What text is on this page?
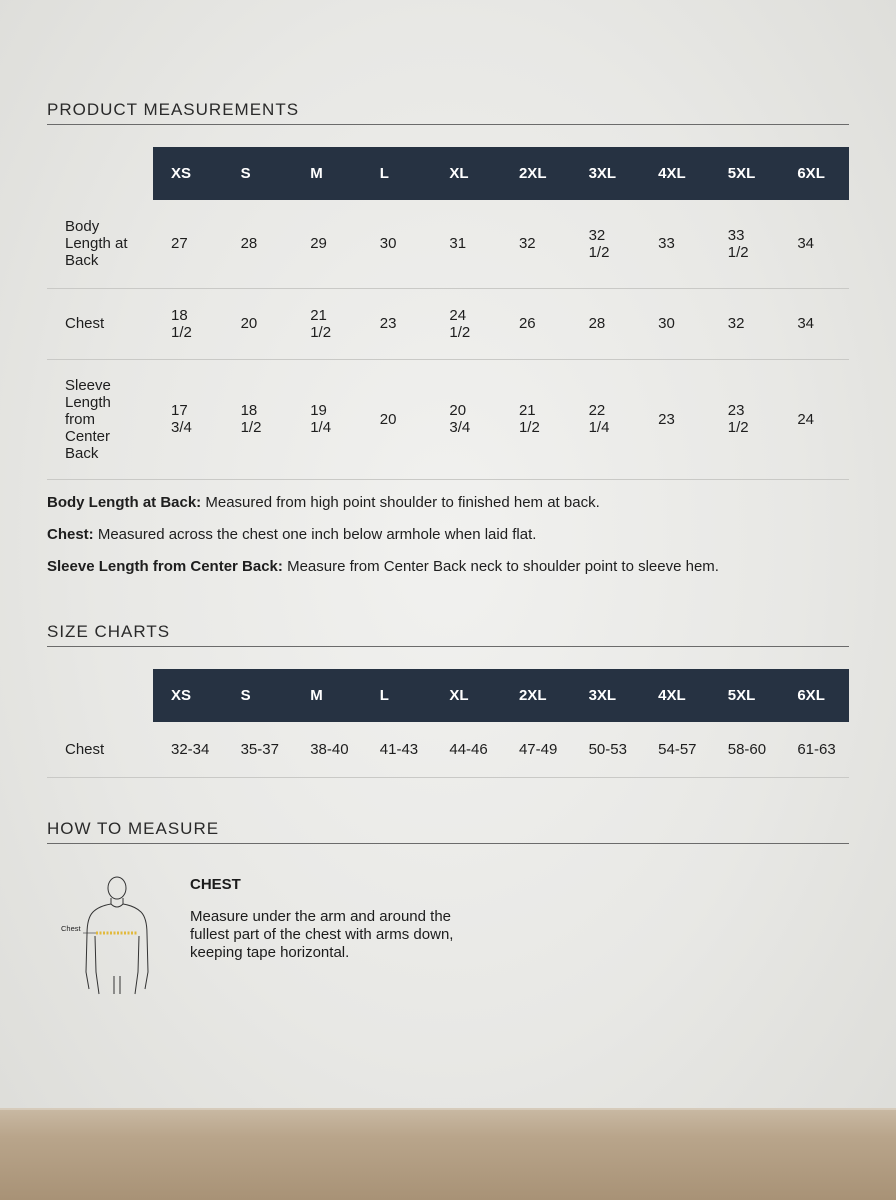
PRODUCT MEASUREMENTS
	XS	S	M	L	XL	2XL	3XL	4XL	5XL	6XL

Body Length at Back	27	28	29	30	31	32	32 1/2	33	33 1/2	34

Chest	18 1/2	20	21 1/2	23	24 1/2	26	28	30	32	34

Sleeve Length from Center Back	17 3/4	18 1/2	19 1/4	20	20 3/4	21 1/2	22 1/4	23	23 1/2	24

Body Length at Back: Measured from high point shoulder to finished hem at back.

Chest: Measured across the chest one inch below armhole when laid flat.

Sleeve Length from Center Back: Measure from Center Back neck to shoulder point to sleeve hem.

SIZE CHARTS
	XS	S	M	L	XL	2XL	3XL	4XL	5XL	6XL
Chest	32-34	35-37	38-40	41-43	44-46	47-49	50-53	54-57	58-60	61-63
HOW TO MEASURE
Chest
CHEST
Measure under the arm and around the fullest part of the chest with arms down, keeping tape horizontal.
